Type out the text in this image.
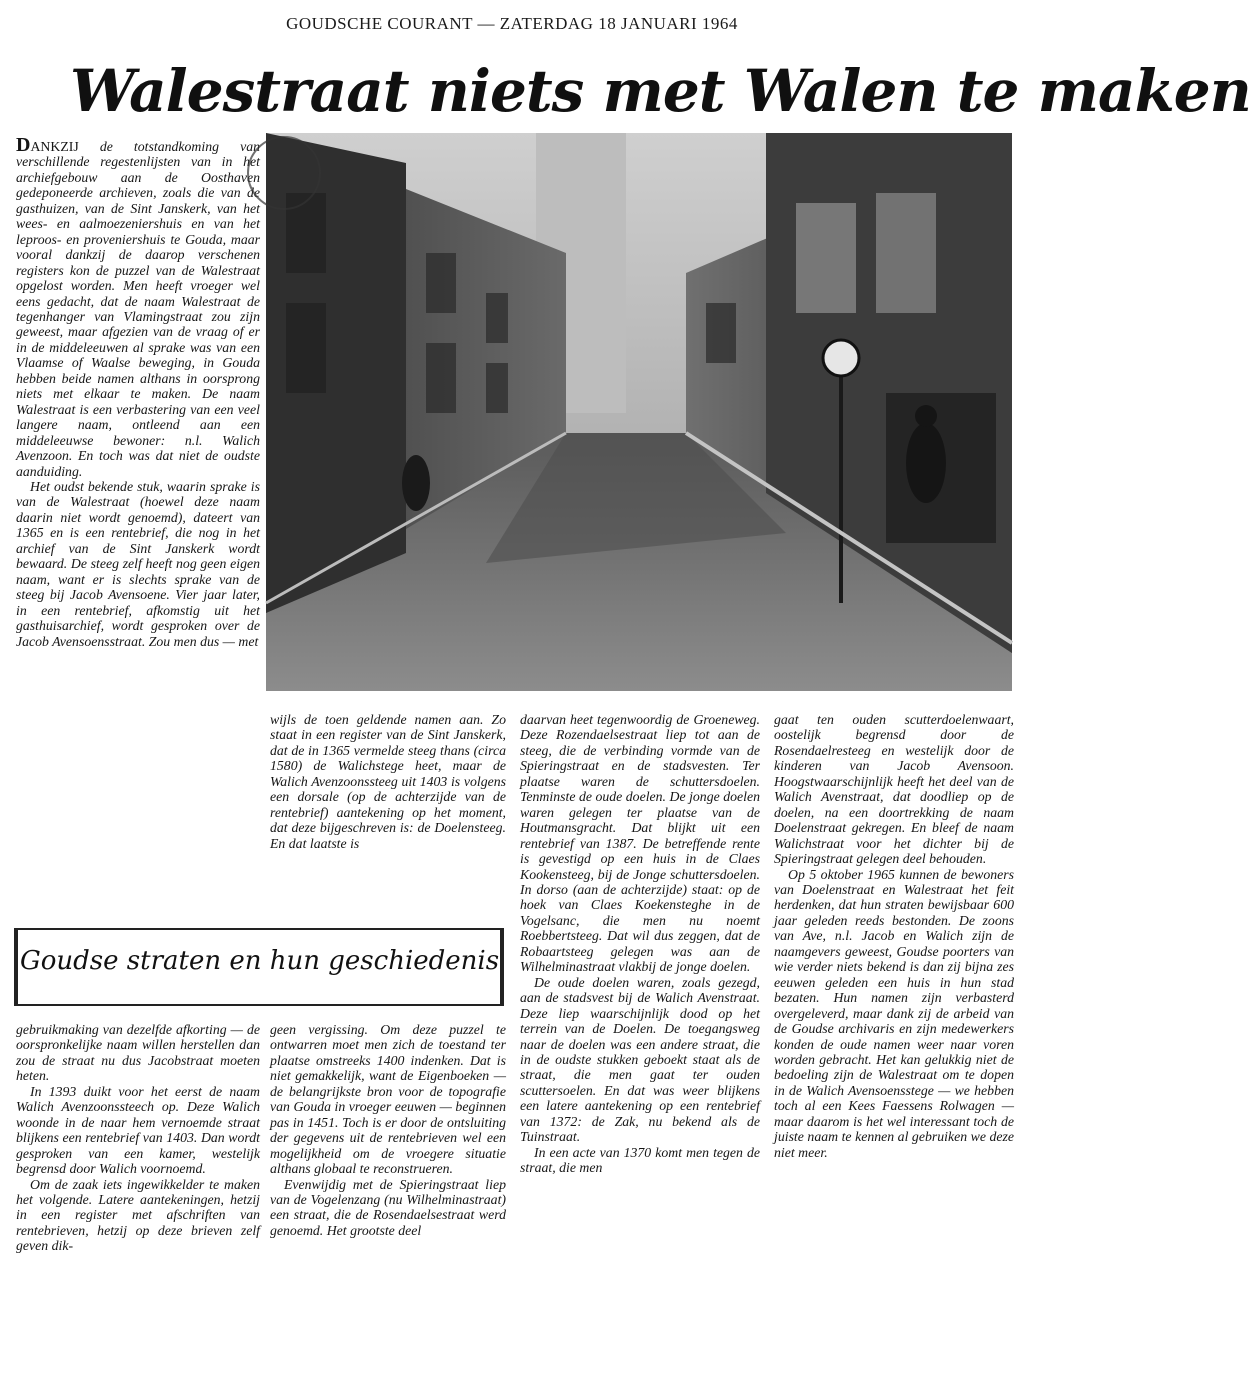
GOUDSCHE COURANT — ZATERDAG 18 JANUARI 1964
Walestraat niets met Walen te maken

DANKZIJ de totstandkoming van verschillende regestenlijsten van in het archiefgebouw aan de Oosthaven gedeponeerde archieven, zoals die van de gasthuizen, van de Sint Janskerk, van het wees- en aalmoezeniershuis en van het leproos- en proveniershuis te Gouda, maar vooral dankzij de daarop verschenen registers kon de puzzel van de Walestraat opgelost worden. Men heeft vroeger wel eens gedacht, dat de naam Walestraat de tegenhanger van Vlamingstraat zou zijn geweest, maar afgezien van de vraag of er in de middeleeuwen al sprake was van een Vlaamse of Waalse beweging, in Gouda hebben beide namen althans in oorsprong niets met elkaar te maken. De naam Walestraat is een verbastering van een veel langere naam, ontleend aan een middeleeuwse bewoner: n.l. Walich Avenzoon. En toch was dat niet de oudste aanduiding.

Het oudst bekende stuk, waarin sprake is van de Walestraat (hoewel deze naam daarin niet wordt genoemd), dateert van 1365 en is een rentebrief, die nog in het archief van de Sint Janskerk wordt bewaard. De steeg zelf heeft nog geen eigen naam, want er is slechts sprake van de steeg bij Jacob Avensoene. Vier jaar later, in een rentebrief, afkomstig uit het gasthuisarchief, wordt gesproken over de Jacob Avensoensstraat. Zou men dus — met

wijls de toen geldende namen aan. Zo staat in een register van de Sint Janskerk, dat de in 1365 vermelde steeg thans (circa 1580) de Walichstege heet, maar de Walich Avenzoonssteeg uit 1403 is volgens een dorsale (op de achterzijde van de rentebrief) aantekening op het moment, dat deze bijgeschreven is: de Doelensteeg. En dat laatste is

daarvan heet tegenwoordig de Groeneweg. Deze Rozendaelsestraat liep tot aan de steeg, die de verbinding vormde van de Spieringstraat en de stadsvesten. Ter plaatse waren de schuttersdoelen. Tenminste de oude doelen. De jonge doelen waren gelegen ter plaatse van de Houtmansgracht. Dat blijkt uit een rentebrief van 1387. De betreffende rente is gevestigd op een huis in de Claes Kookensteeg, bij de Jonge schuttersdoelen. In dorso (aan de achterzijde) staat: op de hoek van Claes Koekensteghe in de Vogelsanc, die men nu noemt Roebbertsteeg. Dat wil dus zeggen, dat de Robaartsteeg gelegen was aan de Wilhelminastraat vlakbij de jonge doelen.

De oude doelen waren, zoals gezegd, aan de stadsvest bij de Walich Avenstraat. Deze liep waarschijnlijk dood op het terrein van de Doelen. De toegangsweg naar de doelen was een andere straat, die in de oudste stukken geboekt staat als de straat, die men gaat ter ouden scuttersoelen. En dat was weer blijkens een latere aantekening op een rentebrief van 1372: de Zak, nu bekend als de Tuinstraat.

In een acte van 1370 komt men tegen de straat, die men

gaat ten ouden scutterdoelenwaart, oostelijk begrensd door de Rosendaelresteeg en westelijk door de kinderen van Jacob Avensoon. Hoogstwaarschijnlijk heeft het deel van de Walich Avenstraat, dat doodliep op de doelen, na een doortrekking de naam Doelenstraat gekregen. En bleef de naam Walichstraat voor het dichter bij de Spieringstraat gelegen deel behouden.

Op 5 oktober 1965 kunnen de bewoners van Doelenstraat en Walestraat het feit herdenken, dat hun straten bewijsbaar 600 jaar geleden reeds bestonden. De zoons van Ave, n.l. Jacob en Walich zijn de naamgevers geweest, Goudse poorters van wie verder niets bekend is dan zij bijna zes eeuwen geleden een huis in hun stad bezaten. Hun namen zijn verbasterd overgeleverd, maar dank zij de arbeid van de Goudse archivaris en zijn medewerkers konden de oude namen weer naar voren worden gebracht. Het kan gelukkig niet de bedoeling zijn de Walestraat om te dopen in de Walich Avensoensstege — we hebben toch al een Kees Faessens Rolwagen — maar daarom is het wel interessant toch de juiste naam te kennen al gebruiken we deze niet meer.

Goudse straten en hun geschiedenis

gebruikmaking van dezelfde afkorting — de oorspronkelijke naam willen herstellen dan zou de straat nu dus Jacobstraat moeten heten.

In 1393 duikt voor het eerst de naam Walich Avenzoonssteech op. Deze Walich woonde in de naar hem vernoemde straat blijkens een rentebrief van 1403. Dan wordt gesproken van een kamer, westelijk begrensd door Walich voornoemd.

Om de zaak iets ingewikkelder te maken het volgende. Latere aantekeningen, hetzij in een register met afschriften van rentebrieven, hetzij op deze brieven zelf geven dik-

geen vergissing. Om deze puzzel te ontwarren moet men zich de toestand ter plaatse omstreeks 1400 indenken. Dat is niet gemakkelijk, want de Eigenboeken — de belangrijkste bron voor de topografie van Gouda in vroeger eeuwen — beginnen pas in 1451. Toch is er door de ontsluiting der gegevens uit de rentebrieven wel een mogelijkheid om de vroegere situatie althans globaal te reconstrueren.

Evenwijdig met de Spieringstraat liep van de Vogelenzang (nu Wilhelminastraat) een straat, die de Rosendaelsestraat werd genoemd. Het grootste deel
